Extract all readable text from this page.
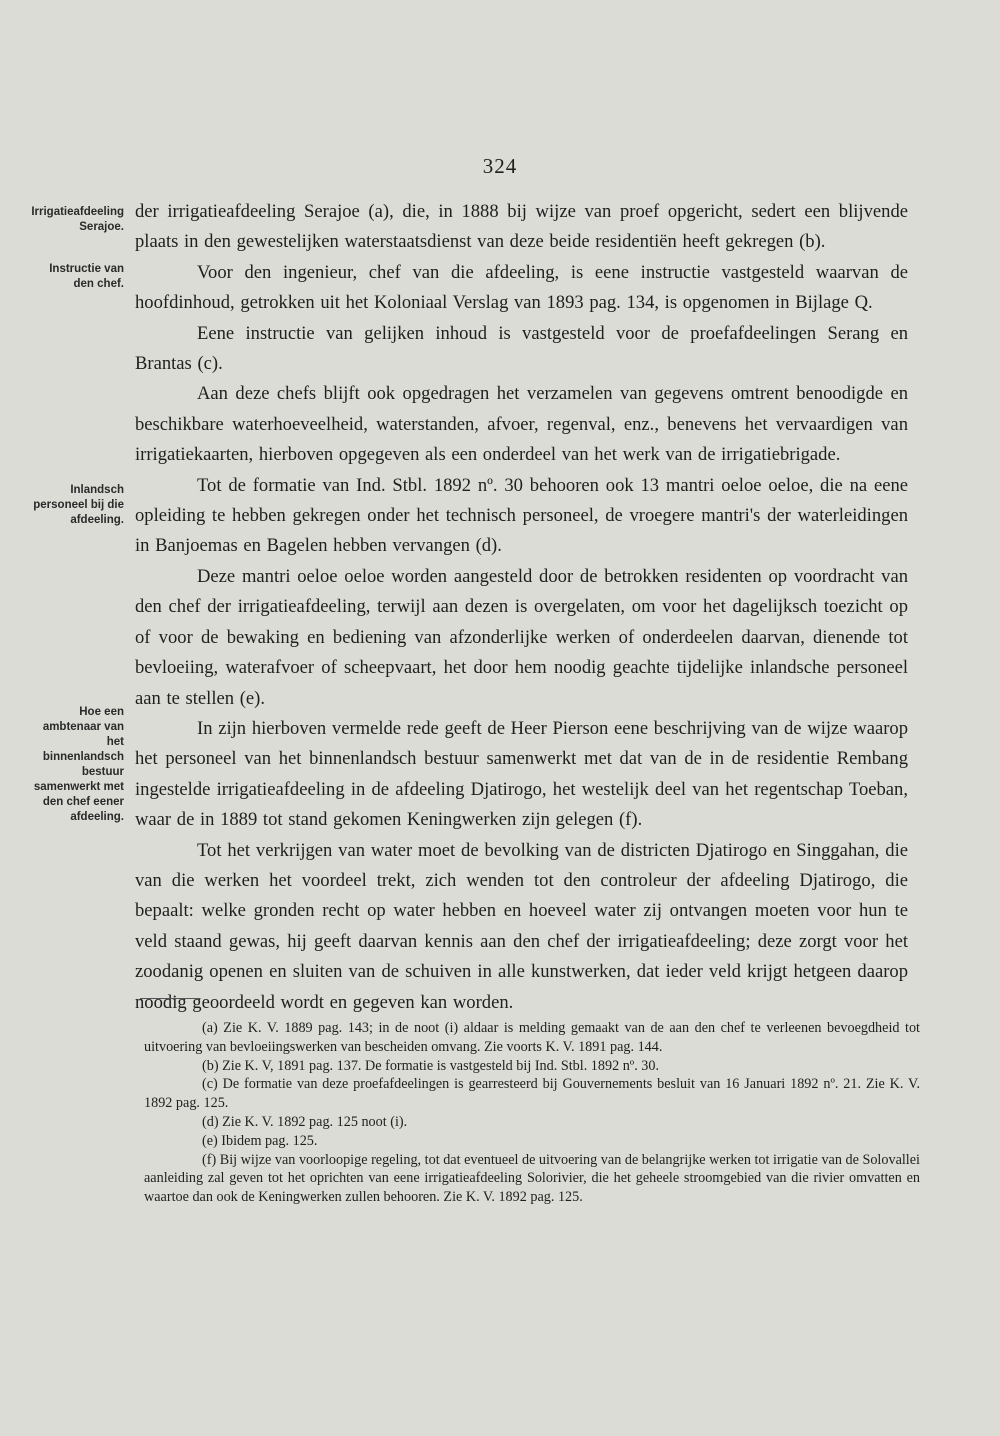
324
Irrigatieafdeeling Serajoe.
Instructie van den chef.
Inlandsch personeel bij die afdeeling.
Hoe een ambtenaar van het binnenlandsch bestuur samenwerkt met den chef eener afdeeling.

der irrigatieafdeeling Serajoe (a), die, in 1888 bij wijze van proef opgericht, sedert een blijvende plaats in den gewestelijken waterstaatsdienst van deze beide residentiën heeft gekregen (b).

Voor den ingenieur, chef van die afdeeling, is eene instructie vastgesteld waarvan de hoofdinhoud, getrokken uit het Koloniaal Verslag van 1893 pag. 134, is opgenomen in Bijlage Q.

Eene instructie van gelijken inhoud is vastgesteld voor de proefafdeelingen Serang en Brantas (c).

Aan deze chefs blijft ook opgedragen het verzamelen van gegevens omtrent benoodigde en beschikbare waterhoeveelheid, waterstanden, afvoer, regenval, enz., benevens het vervaardigen van irrigatiekaarten, hierboven opgegeven als een onderdeel van het werk van de irrigatiebrigade.

Tot de formatie van Ind. Stbl. 1892 nº. 30 behooren ook 13 mantri oeloe oeloe, die na eene opleiding te hebben gekregen onder het technisch personeel, de vroegere mantri's der waterleidingen in Banjoemas en Bagelen hebben vervangen (d).

Deze mantri oeloe oeloe worden aangesteld door de betrokken residenten op voordracht van den chef der irrigatieafdeeling, terwijl aan dezen is overgelaten, om voor het dagelijksch toezicht op of voor de bewaking en bediening van afzonderlijke werken of onderdeelen daarvan, dienende tot bevloeiing, waterafvoer of scheepvaart, het door hem noodig geachte tijdelijke inlandsche personeel aan te stellen (e).

In zijn hierboven vermelde rede geeft de Heer Pierson eene beschrijving van de wijze waarop het personeel van het binnenlandsch bestuur samenwerkt met dat van de in de residentie Rembang ingestelde irrigatieafdeeling in de afdeeling Djatirogo, het westelijk deel van het regentschap Toeban, waar de in 1889 tot stand gekomen Keningwerken zijn gelegen (f).

Tot het verkrijgen van water moet de bevolking van de districten Djatirogo en Singgahan, die van die werken het voordeel trekt, zich wenden tot den controleur der afdeeling Djatirogo, die bepaalt: welke gronden recht op water hebben en hoeveel water zij ontvangen moeten voor hun te veld staand gewas, hij geeft daarvan kennis aan den chef der irrigatieafdeeling; deze zorgt voor het zoodanig openen en sluiten van de schuiven in alle kunstwerken, dat ieder veld krijgt hetgeen daarop noodig geoordeeld wordt en gegeven kan worden.

(a) Zie K. V. 1889 pag. 143; in de noot (i) aldaar is melding gemaakt van de aan den chef te verleenen bevoegdheid tot uitvoering van bevloeiingswerken van bescheiden omvang. Zie voorts K. V. 1891 pag. 144.

(b) Zie K. V, 1891 pag. 137. De formatie is vastgesteld bij Ind. Stbl. 1892 nº. 30.

(c) De formatie van deze proefafdeelingen is gearresteerd bij Gouvernements besluit van 16 Januari 1892 nº. 21. Zie K. V. 1892 pag. 125.

(d) Zie K. V. 1892 pag. 125 noot (i).

(e) Ibidem pag. 125.

(f) Bij wijze van voorloopige regeling, tot dat eventueel de uitvoering van de belangrijke werken tot irrigatie van de Solovallei aanleiding zal geven tot het oprichten van eene irrigatieafdeeling Solorivier, die het geheele stroomgebied van die rivier omvatten en waartoe dan ook de Keningwerken zullen behooren. Zie K. V. 1892 pag. 125.
